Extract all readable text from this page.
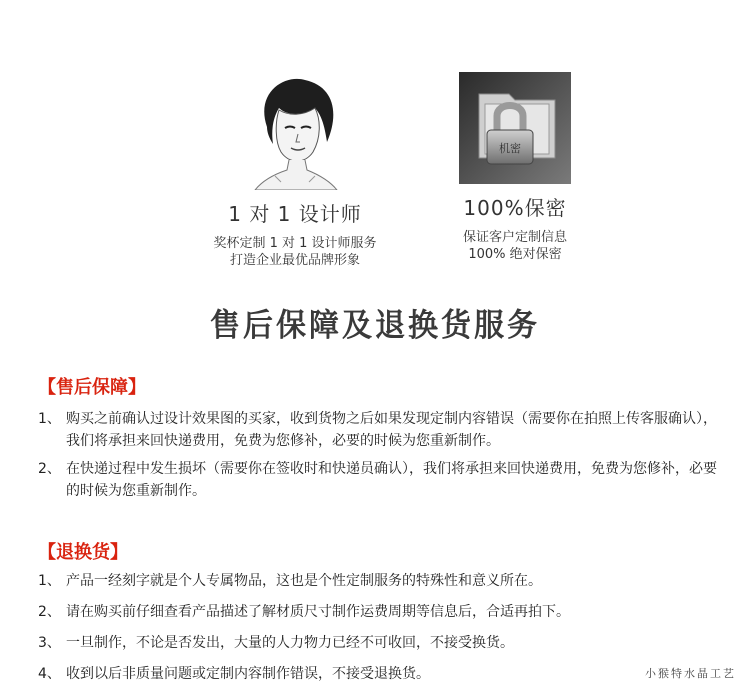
1 对 1 设计师
奖杯定制 1 对 1 设计师服务
打造企业最优品牌形象
机密
100%保密
保证客户定制信息
100% 绝对保密
售后保障及退换货服务
【售后保障】
1、 购买之前确认过设计效果图的买家，收到货物之后如果发现定制内容错误（需要你在拍照上传客服确认），我们将承担来回快递费用，免费为您修补，必要的时候为您重新制作。
2、 在快递过程中发生损坏（需要你在签收时和快递员确认），我们将承担来回快递费用，免费为您修补，必要的时候为您重新制作。
【退换货】
1、 产品一经刻字就是个人专属物品，这也是个性定制服务的特殊性和意义所在。
2、 请在购买前仔细查看产品描述了解材质尺寸制作运费周期等信息后，合适再拍下。
3、 一旦制作，不论是否发出，大量的人力物力已经不可收回，不接受换货。
4、 收到以后非质量问题或定制内容制作错误，不接受退换货。	小猴特水晶工艺
